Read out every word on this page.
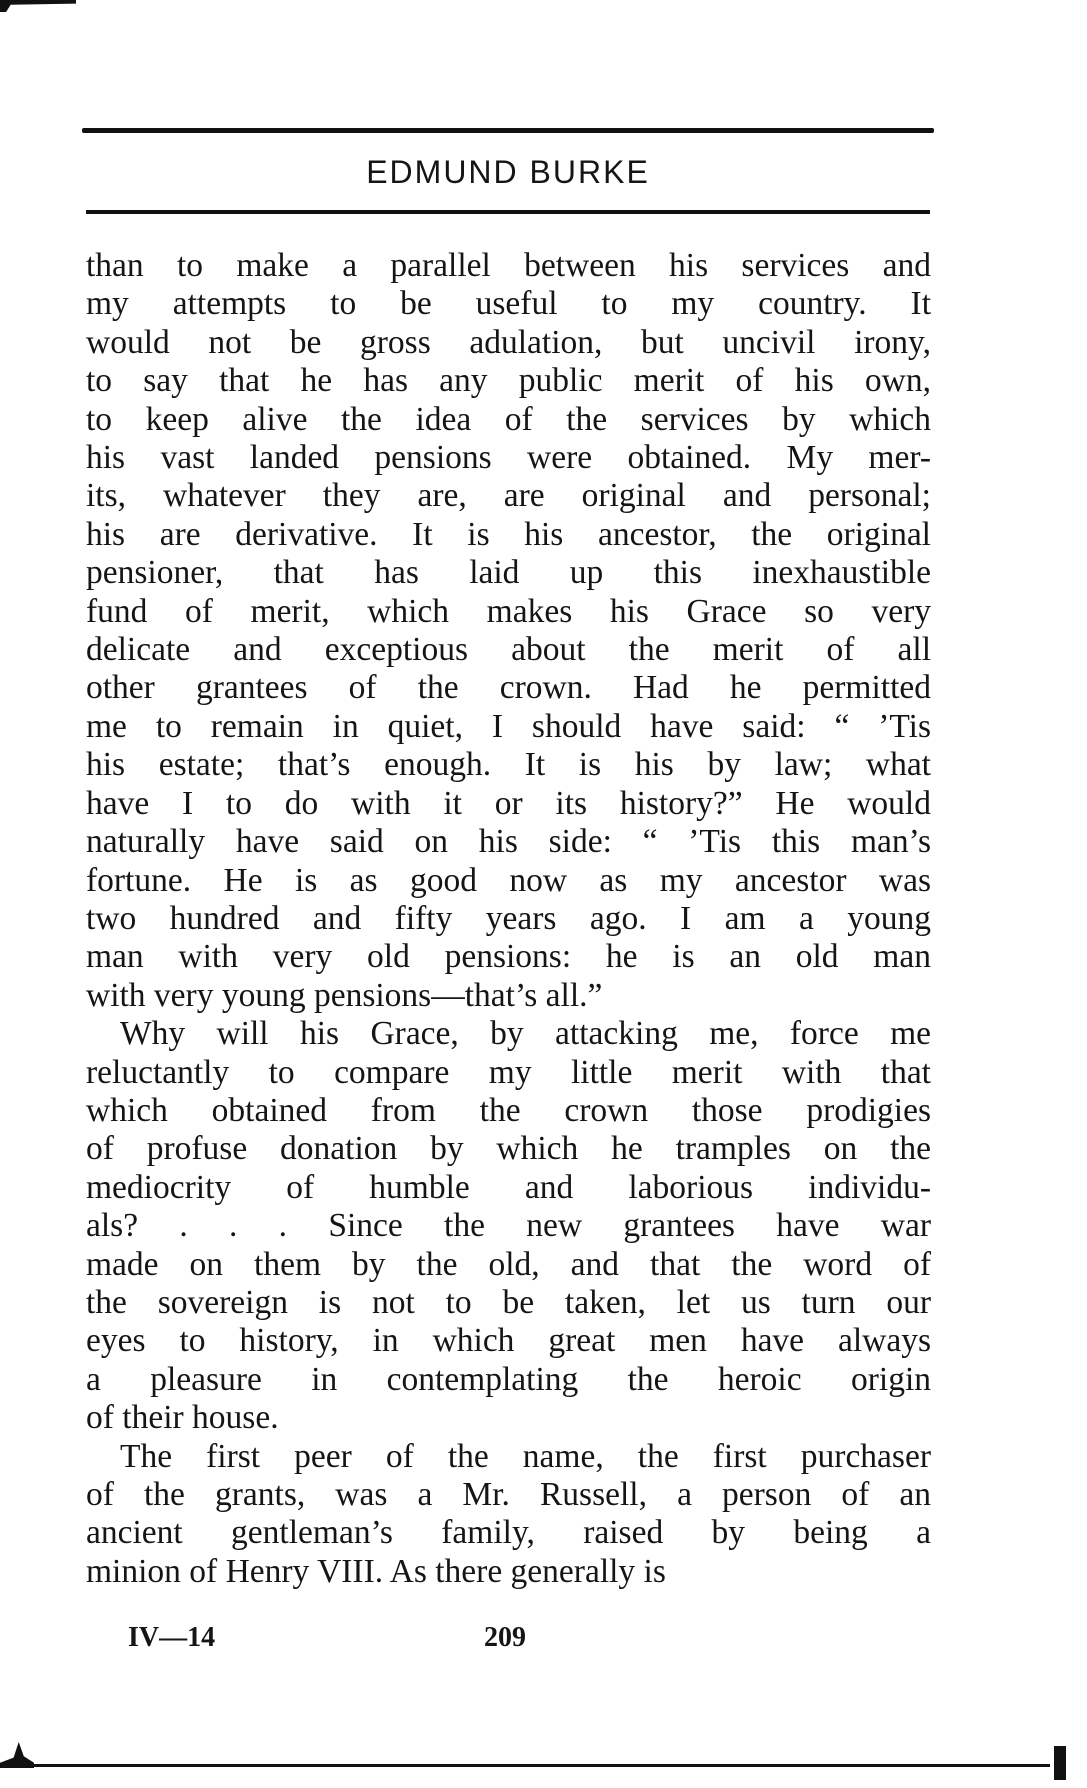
EDMUND BURKE
than to make a parallel between his services and
my attempts to be useful to my country. It
would not be gross adulation, but uncivil irony,
to say that he has any public merit of his own,
to keep alive the idea of the services by which
his vast landed pensions were obtained. My mer-
its, whatever they are, are original and personal;
his are derivative. It is his ancestor, the original
pensioner, that has laid up this inexhaustible
fund of merit, which makes his Grace so very
delicate and exceptious about the merit of all
other grantees of the crown. Had he permitted
me to remain in quiet, I should have said: “ ’Tis
his estate; that’s enough. It is his by law; what
have I to do with it or its history?” He would
naturally have said on his side: “ ’Tis this man’s
fortune. He is as good now as my ancestor was
two hundred and fifty years ago. I am a young
man with very old pensions: he is an old man
with very young pensions—that’s all.”
Why will his Grace, by attacking me, force me
reluctantly to compare my little merit with that
which obtained from the crown those prodigies
of profuse donation by which he tramples on the
mediocrity of humble and laborious individu-
als? . . . Since the new grantees have war
made on them by the old, and that the word of
the sovereign is not to be taken, let us turn our
eyes to history, in which great men have always
a pleasure in contemplating the heroic origin
of their house.
The first peer of the name, the first purchaser
of the grants, was a Mr. Russell, a person of an
ancient gentleman’s family, raised by being a
minion of Henry VIII. As there generally is
IV—14	209
